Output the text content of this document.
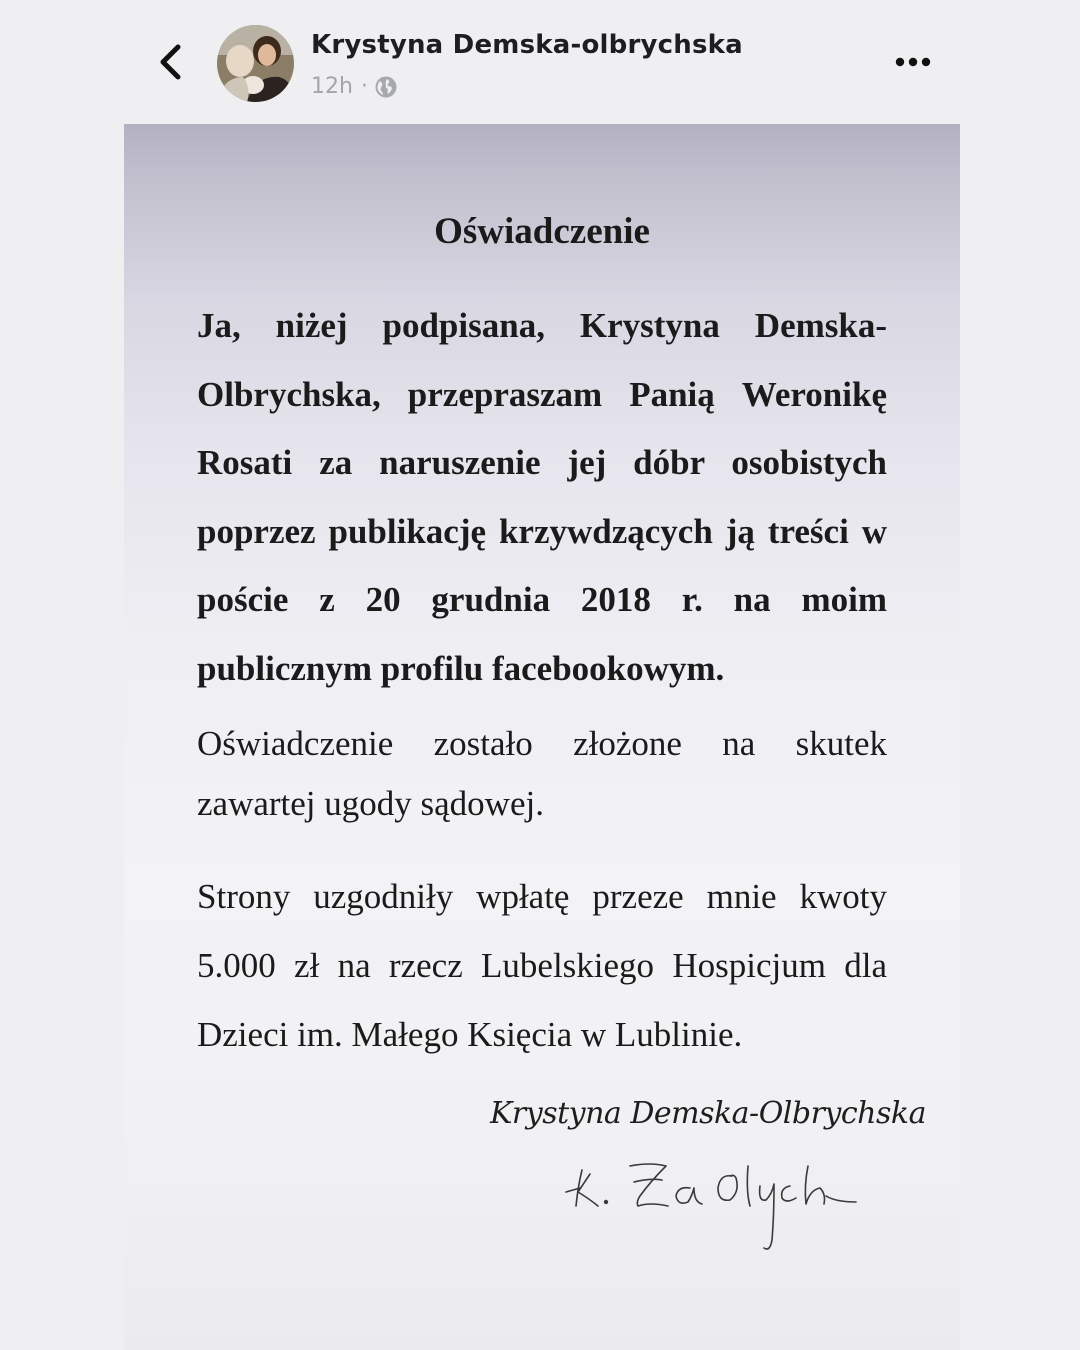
Krystyna Demska-olbrychska
12h ·
Oświadczenie
Ja, niżej podpisana, Krystyna Demska-Olbrychska, przepraszam Panią Weronikę Rosati za naruszenie jej dóbr osobistych poprzez publikację krzywdzących ją treści w poście z 20 grudnia 2018 r. na moim publicznym profilu facebookowym.
Oświadczenie zostało złożone na skutek zawartej ugody sądowej.
Strony uzgodniły wpłatę przeze mnie kwoty 5.000 zł na rzecz Lubelskiego Hospicjum dla Dzieci im. Małego Księcia w Lublinie.
Krystyna Demska-Olbrychska
